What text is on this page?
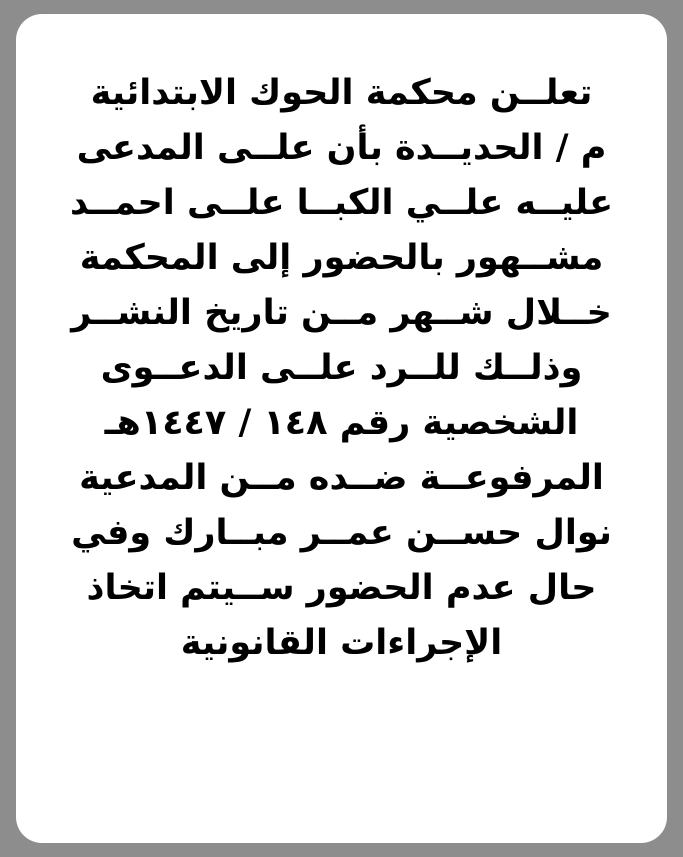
تعلــن محكمة الحوك الابتدائية
م / الحديــدة بأن علــى المدعى
عليــه علــي الكبــا علــى احمــد
مشــهور بالحضور إلى المحكمة
خــلال شــهر مــن تاريخ النشــر
وذلــك للــرد علــى الدعــوى
الشخصية رقم ١٤٨ / ١٤٤٧هـ
المرفوعــة ضــده مــن المدعية
نوال حســن عمــر مبــارك وفي
حال عدم الحضور ســيتم اتخاذ
الإجراءات القانونية
